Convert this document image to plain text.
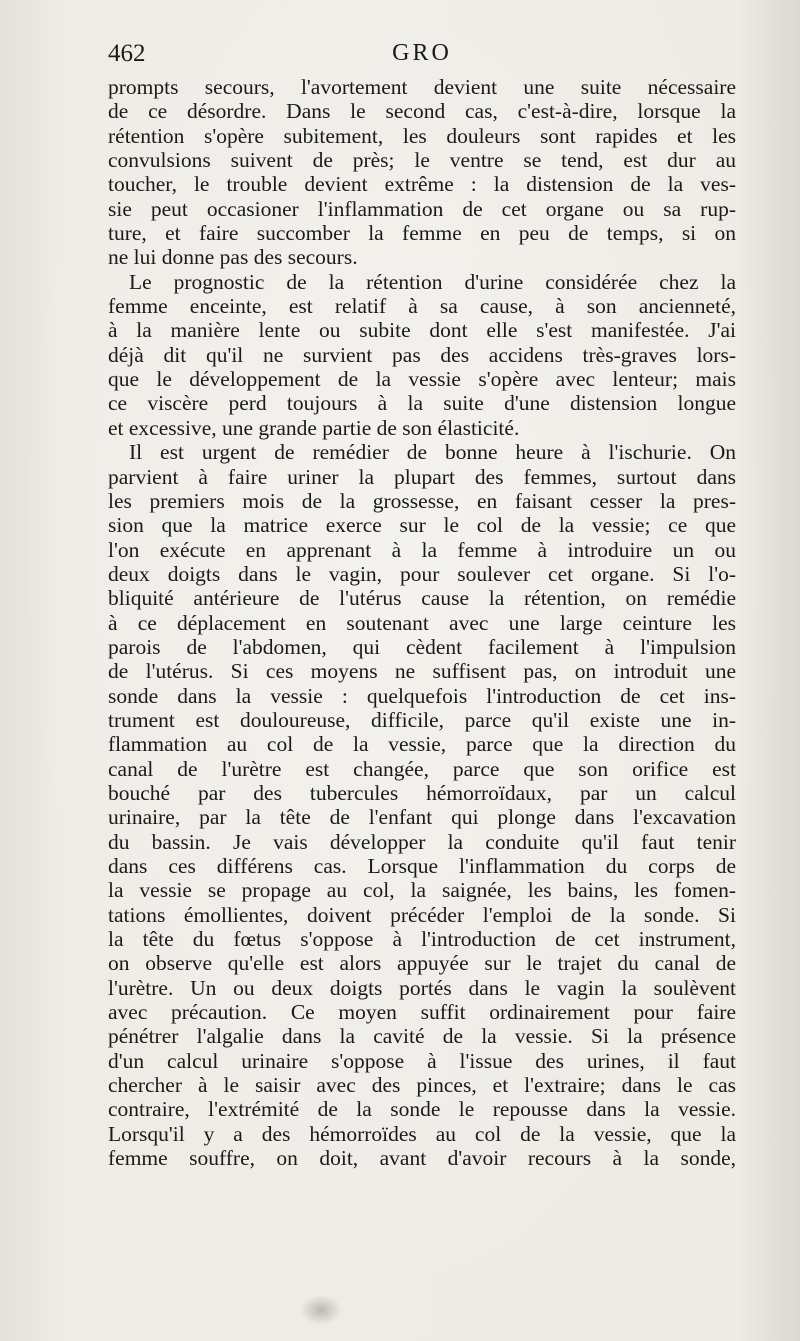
462	GRO
prompts secours, l'avortement devient une suite nécessaire
de ce désordre. Dans le second cas, c'est-à-dire, lorsque la
rétention s'opère subitement, les douleurs sont rapides et les
convulsions suivent de près; le ventre se tend, est dur au
toucher, le trouble devient extrême : la distension de la ves-
sie peut occasioner l'inflammation de cet organe ou sa rup-
ture, et faire succomber la femme en peu de temps, si on
ne lui donne pas des secours.
Le prognostic de la rétention d'urine considérée chez la
femme enceinte, est relatif à sa cause, à son ancienneté,
à la manière lente ou subite dont elle s'est manifestée. J'ai
déjà dit qu'il ne survient pas des accidens très-graves lors-
que le développement de la vessie s'opère avec lenteur; mais
ce viscère perd toujours à la suite d'une distension longue
et excessive, une grande partie de son élasticité.
Il est urgent de remédier de bonne heure à l'ischurie. On
parvient à faire uriner la plupart des femmes, surtout dans
les premiers mois de la grossesse, en faisant cesser la pres-
sion que la matrice exerce sur le col de la vessie; ce que
l'on exécute en apprenant à la femme à introduire un ou
deux doigts dans le vagin, pour soulever cet organe. Si l'o-
bliquité antérieure de l'utérus cause la rétention, on remédie
à ce déplacement en soutenant avec une large ceinture les
parois de l'abdomen, qui cèdent facilement à l'impulsion
de l'utérus. Si ces moyens ne suffisent pas, on introduit une
sonde dans la vessie : quelquefois l'introduction de cet ins-
trument est douloureuse, difficile, parce qu'il existe une in-
flammation au col de la vessie, parce que la direction du
canal de l'urètre est changée, parce que son orifice est
bouché par des tubercules hémorroïdaux, par un calcul
urinaire, par la tête de l'enfant qui plonge dans l'excavation
du bassin. Je vais développer la conduite qu'il faut tenir
dans ces différens cas. Lorsque l'inflammation du corps de
la vessie se propage au col, la saignée, les bains, les fomen-
tations émollientes, doivent précéder l'emploi de la sonde. Si
la tête du fœtus s'oppose à l'introduction de cet instrument,
on observe qu'elle est alors appuyée sur le trajet du canal de
l'urètre. Un ou deux doigts portés dans le vagin la soulèvent
avec précaution. Ce moyen suffit ordinairement pour faire
pénétrer l'algalie dans la cavité de la vessie. Si la présence
d'un calcul urinaire s'oppose à l'issue des urines, il faut
chercher à le saisir avec des pinces, et l'extraire; dans le cas
contraire, l'extrémité de la sonde le repousse dans la vessie.
Lorsqu'il y a des hémorroïdes au col de la vessie, que la
femme souffre, on doit, avant d'avoir recours à la sonde,
